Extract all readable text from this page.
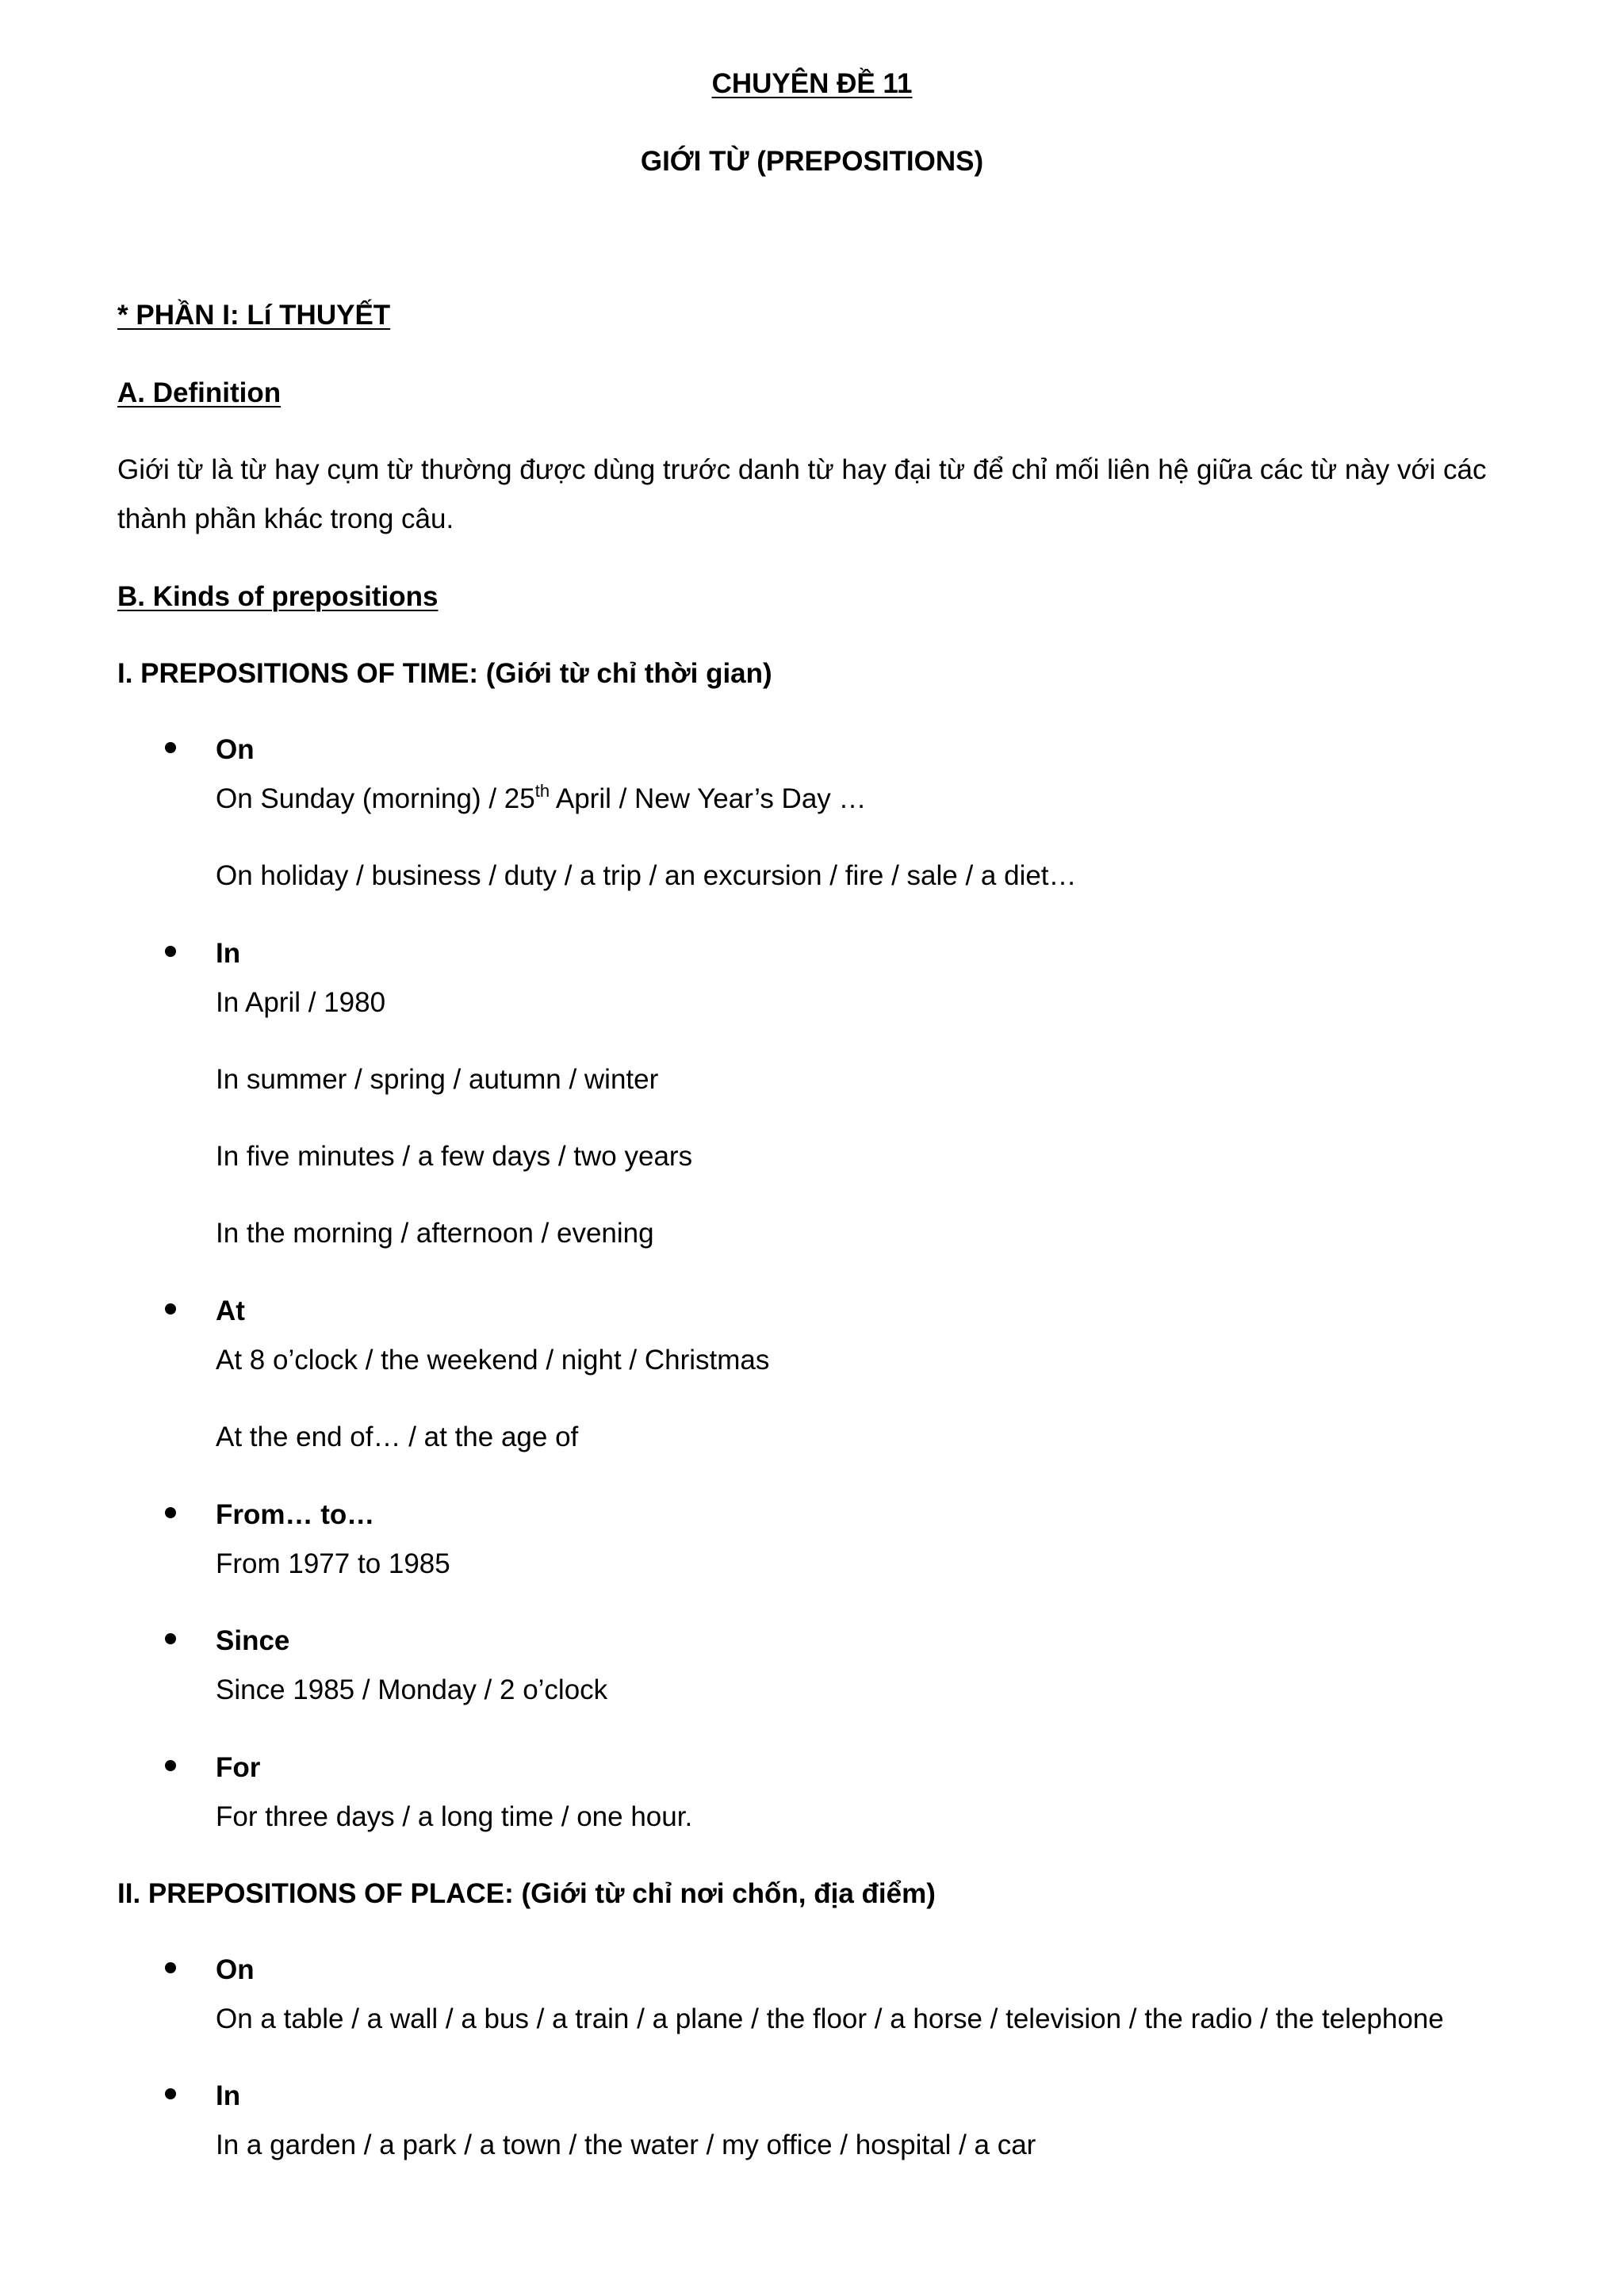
CHUYÊN ĐỀ 11
GIỚI TỪ (PREPOSITIONS)
* PHẦN I: Lí THUYẾT
A. Definition
Giới từ là từ hay cụm từ thường được dùng trước danh từ hay đại từ để chỉ mối liên hệ giữa các từ này với các thành phần khác trong câu.
B. Kinds of prepositions
I. PREPOSITIONS OF TIME: (Giới từ chỉ thời gian)
On
On Sunday (morning) / 25th April / New Year’s Day …
On holiday / business / duty / a trip / an excursion / fire / sale / a diet…
In
In April / 1980
In summer / spring / autumn / winter
In five minutes / a few days / two years
In the morning / afternoon / evening
At
At 8 o’clock / the weekend / night / Christmas
At the end of… / at the age of
From… to…
From 1977 to 1985
Since
Since 1985 / Monday / 2 o’clock
For
For three days / a long time / one hour.
II. PREPOSITIONS OF PLACE: (Giới từ chỉ nơi chốn, địa điểm)
On
On a table / a wall / a bus / a train / a plane / the floor / a horse / television / the radio / the telephone
In
In a garden / a park / a town / the water / my office / hospital / a car
